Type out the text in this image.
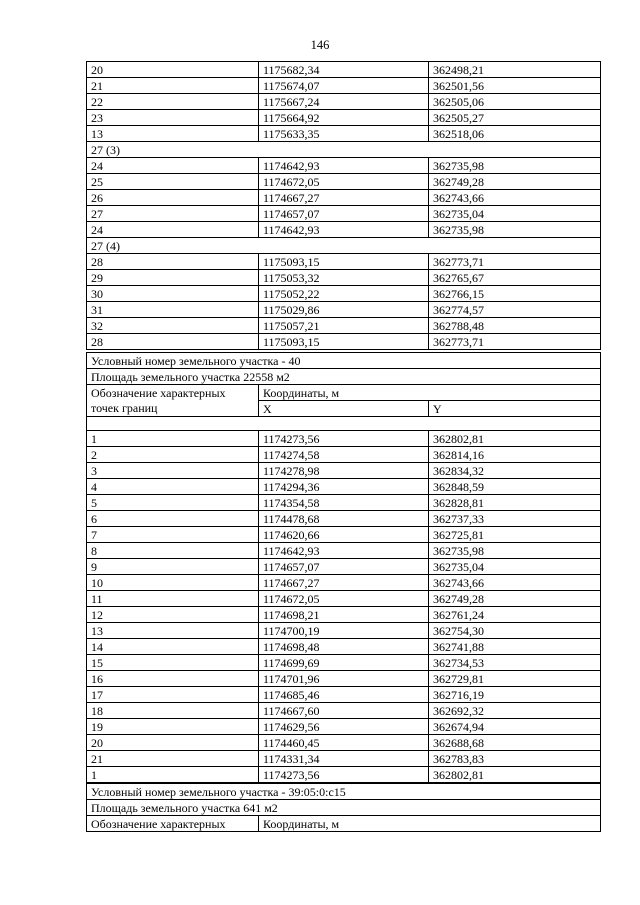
146
20	1175682,34	362498,21
21	1175674,07	362501,56
22	1175667,24	362505,06
23	1175664,92	362505,27
13	1175633,35	362518,06
27 (3)		
24	1174642,93	362735,98
25	1174672,05	362749,28
26	1174667,27	362743,66
27	1174657,07	362735,04
24	1174642,93	362735,98
27 (4)		
28	1175093,15	362773,71
29	1175053,32	362765,67
30	1175052,22	362766,15
31	1175029,86	362774,57
32	1175057,21	362788,48
28	1175093,15	362773,71
Условный номер земельного участка - 40		
Площадь земельного участка 22558 м2		
Обозначение характерных	Координаты, м	
точек границ	X	Y

1	1174273,56	362802,81
2	1174274,58	362814,16
3	1174278,98	362834,32
4	1174294,36	362848,59
5	1174354,58	362828,81
6	1174478,68	362737,33
7	1174620,66	362725,81
8	1174642,93	362735,98
9	1174657,07	362735,04
10	1174667,27	362743,66
11	1174672,05	362749,28
12	1174698,21	362761,24
13	1174700,19	362754,30
14	1174698,48	362741,88
15	1174699,69	362734,53
16	1174701,96	362729,81
17	1174685,46	362716,19
18	1174667,60	362692,32
19	1174629,56	362674,94
20	1174460,45	362688,68
21	1174331,34	362783,83
1	1174273,56	362802,81
Условный номер земельного участка - 39:05:0:c15
Площадь земельного участка 641 м2
Обозначение характерных	Координаты, м
